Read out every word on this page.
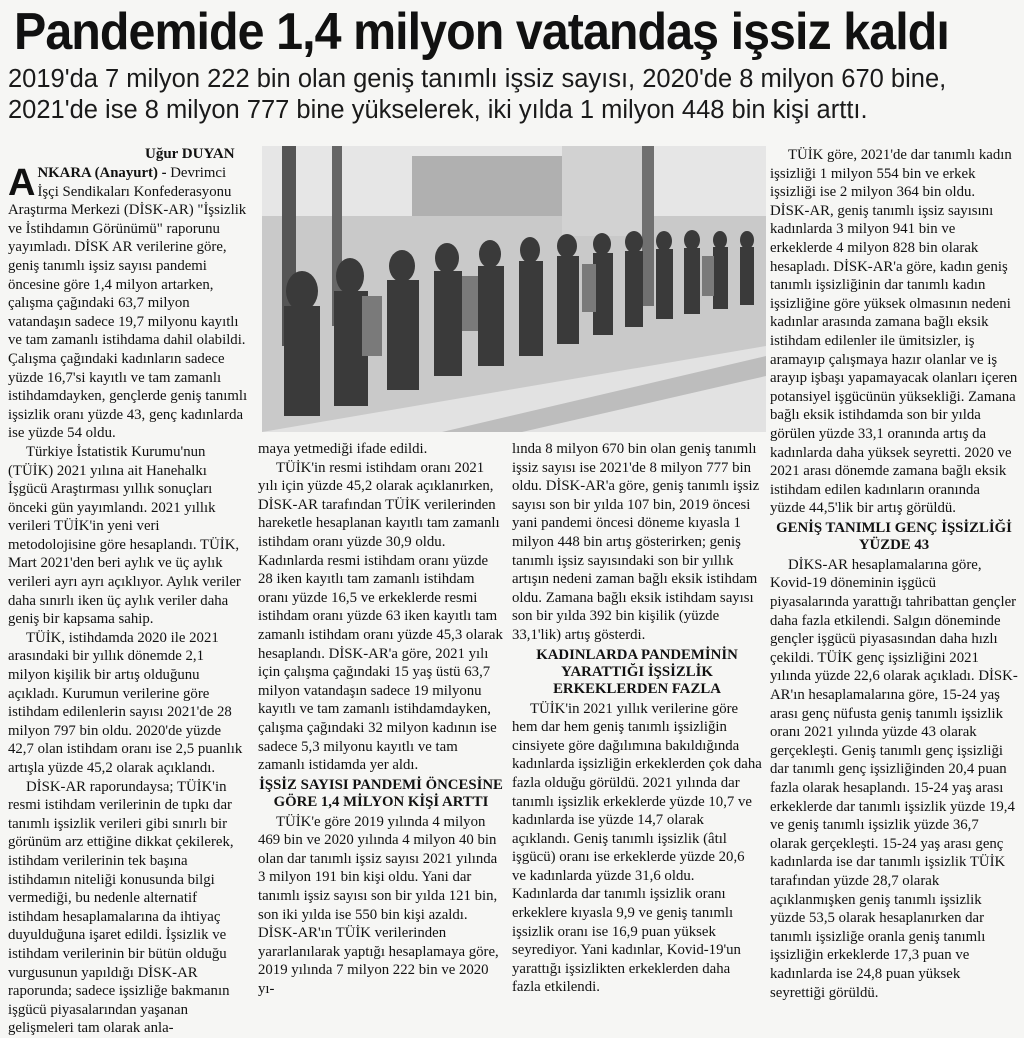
Pandemide 1,4 milyon vatandaş işsiz kaldı
2019'da 7 milyon 222 bin olan geniş tanımlı işsiz sayısı, 2020'de 8 milyon 670 bine, 2021'de ise 8 milyon 777 bine yükselerek, iki yılda 1 milyon 448 bin kişi arttı.
Uğur DUYAN

ANKARA (Anayurt) - Devrimci İşçi Sendikaları Konfederasyonu Araştırma Merkezi (DİSK-AR) "İşsizlik ve İstihdamın Görünümü" raporunu yayımladı. DİSK AR verilerine göre, geniş tanımlı işsiz sayısı pandemi öncesine göre 1,4 milyon artarken, çalışma çağındaki 63,7 milyon vatandaşın sadece 19,7 milyonu kayıtlı ve tam zamanlı istihdama dahil olabildi. Çalışma çağındaki kadınların sadece yüzde 16,7'si kayıtlı ve tam zamanlı istihdamdayken, gençlerde geniş tanımlı işsizlik oranı yüzde 43, genç kadınlarda ise yüzde 54 oldu.

Türkiye İstatistik Kurumu'nun (TÜİK) 2021 yılına ait Hanehalkı İşgücü Araştırması yıllık sonuçları önceki gün yayımlandı. 2021 yıllık verileri TÜİK'in yeni veri metodolojisine göre hesaplandı. TÜİK, Mart 2021'den beri aylık ve üç aylık verileri ayrı ayrı açıklıyor. Aylık veriler daha sınırlı iken üç aylık veriler daha geniş bir kapsama sahip.

TÜİK, istihdamda 2020 ile 2021 arasındaki bir yıllık dönemde 2,1 milyon kişilik bir artış olduğunu açıkladı. Kurumun verilerine göre istihdam edilenlerin sayısı 2021'de 28 milyon 797 bin oldu. 2020'de yüzde 42,7 olan istihdam oranı ise 2,5 puanlık artışla yüzde 45,2 olarak açıklandı.

DİSK-AR raporundaysa; TÜİK'in resmi istihdam verilerinin de tıpkı dar tanımlı işsizlik verileri gibi sınırlı bir görünüm arz ettiğine dikkat çekilerek, istihdam verilerinin tek başına istihdamın niteliği konusunda bilgi vermediği, bu nedenle alternatif istihdam hesaplamalarına da ihtiyaç duyulduğuna işaret edildi. İşsizlik ve istihdam verilerinin bir bütün olduğu vurgusunun yapıldığı DİSK-AR raporunda; sadece işsizliğe bakmanın işgücü piyasalarından yaşanan gelişmeleri tam olarak anla-

maya yetmediği ifade edildi.

TÜİK'in resmi istihdam oranı 2021 yılı için yüzde 45,2 olarak açıklanırken, DİSK-AR tarafından TÜİK verilerinden hareketle hesaplanan kayıtlı tam zamanlı istihdam oranı yüzde 30,9 oldu. Kadınlarda resmi istihdam oranı yüzde 28 iken kayıtlı tam zamanlı istihdam oranı yüzde 16,5 ve erkeklerde resmi istihdam oranı yüzde 63 iken kayıtlı tam zamanlı istihdam oranı yüzde 45,3 olarak hesaplandı. DİSK-AR'a göre, 2021 yılı için çalışma çağındaki 15 yaş üstü 63,7 milyon vatandaşın sadece 19 milyonu kayıtlı ve tam zamanlı istihdamdayken, çalışma çağındaki 32 milyon kadının ise sadece 5,3 milyonu kayıtlı ve tam zamanlı istidamda yer aldı.

İŞSİZ SAYISI PANDEMİ ÖNCESİNE GÖRE 1,4 MİLYON KİŞİ ARTTI

TÜİK'e göre 2019 yılında 4 milyon 469 bin ve 2020 yılında 4 milyon 40 bin olan dar tanımlı işsiz sayısı 2021 yılında 3 milyon 191 bin kişi oldu. Yani dar tanımlı işsiz sayısı son bir yılda 121 bin, son iki yılda ise 550 bin kişi azaldı. DİSK-AR'ın TÜİK verilerinden yararlanılarak yaptığı hesaplamaya göre, 2019 yılında 7 milyon 222 bin ve 2020 yı-

lında 8 milyon 670 bin olan geniş tanımlı işsiz sayısı ise 2021'de 8 milyon 777 bin oldu. DİSK-AR'a göre, geniş tanımlı işsiz sayısı son bir yılda 107 bin, 2019 öncesi yani pandemi öncesi döneme kıyasla 1 milyon 448 bin artış gösterirken; geniş tanımlı işsiz sayısındaki son bir yıllık artışın nedeni zaman bağlı eksik istihdam oldu. Zamana bağlı eksik istihdam sayısı son bir yılda 392 bin kişilik (yüzde 33,1'lik) artış gösterdi.

KADINLARDA PANDEMİNİN YARATTIĞI İŞSİZLİK ERKEKLERDEN FAZLA

TÜİK'in 2021 yıllık verilerine göre hem dar hem geniş tanımlı işsizliğin cinsiyete göre dağılımına bakıldığında kadınlarda işsizliğin erkeklerden çok daha fazla olduğu görüldü. 2021 yılında dar tanımlı işsizlik erkeklerde yüzde 10,7 ve kadınlarda ise yüzde 14,7 olarak açıklandı. Geniş tanımlı işsizlik (âtıl işgücü) oranı ise erkeklerde yüzde 20,6 ve kadınlarda yüzde 31,6 oldu. Kadınlarda dar tanımlı işsizlik oranı erkeklere kıyasla 9,9 ve geniş tanımlı işsizlik oranı ise 16,9 puan yüksek seyrediyor. Yani kadınlar, Kovid-19'un yarattığı işsizlikten erkeklerden daha fazla etkilendi.

TÜİK göre, 2021'de dar tanımlı kadın işsizliği 1 milyon 554 bin ve erkek işsizliği ise 2 milyon 364 bin oldu. DİSK-AR, geniş tanımlı işsiz sayısını kadınlarda 3 milyon 941 bin ve erkeklerde 4 milyon 828 bin olarak hesapladı. DİSK-AR'a göre, kadın geniş tanımlı işsizliğinin dar tanımlı kadın işsizliğine göre yüksek olmasının nedeni kadınlar arasında zamana bağlı eksik istihdam edilenler ile ümitsizler, iş aramayıp çalışmaya hazır olanlar ve iş arayıp işbaşı yapamayacak olanları içeren potansiyel işgücünün yüksekliği. Zamana bağlı eksik istihdamda son bir yılda görülen yüzde 33,1 oranında artış da kadınlarda daha yüksek seyretti. 2020 ve 2021 arası dönemde zamana bağlı eksik istihdam edilen kadınların oranında yüzde 44,5'lik bir artış görüldü.

GENİŞ TANIMLI GENÇ İŞSİZLİĞİ YÜZDE 43

DİKS-AR hesaplamalarına göre, Kovid-19 döneminin işgücü piyasalarında yarattığı tahribattan gençler daha fazla etkilendi. Salgın döneminde gençler işgücü piyasasından daha hızlı çekildi. TÜİK genç işsizliğini 2021 yılında yüzde 22,6 olarak açıkladı. DİSK-AR'ın hesaplamalarına göre, 15-24 yaş arası genç nüfusta geniş tanımlı işsizlik oranı 2021 yılında yüzde 43 olarak gerçekleşti. Geniş tanımlı genç işsizliği dar tanımlı genç işsizliğinden 20,4 puan fazla olarak hesaplandı. 15-24 yaş arası erkeklerde dar tanımlı işsizlik yüzde 19,4 ve geniş tanımlı işsizlik yüzde 36,7 olarak gerçekleşti. 15-24 yaş arası genç kadınlarda ise dar tanımlı işsizlik TÜİK tarafından yüzde 28,7 olarak açıklanmışken geniş tanımlı işsizlik yüzde 53,5 olarak hesaplanırken dar tanımlı işsizliğe oranla geniş tanımlı işsizliğin erkeklerde 17,3 puan ve kadınlarda ise 24,8 puan yüksek seyrettiği görüldü.
